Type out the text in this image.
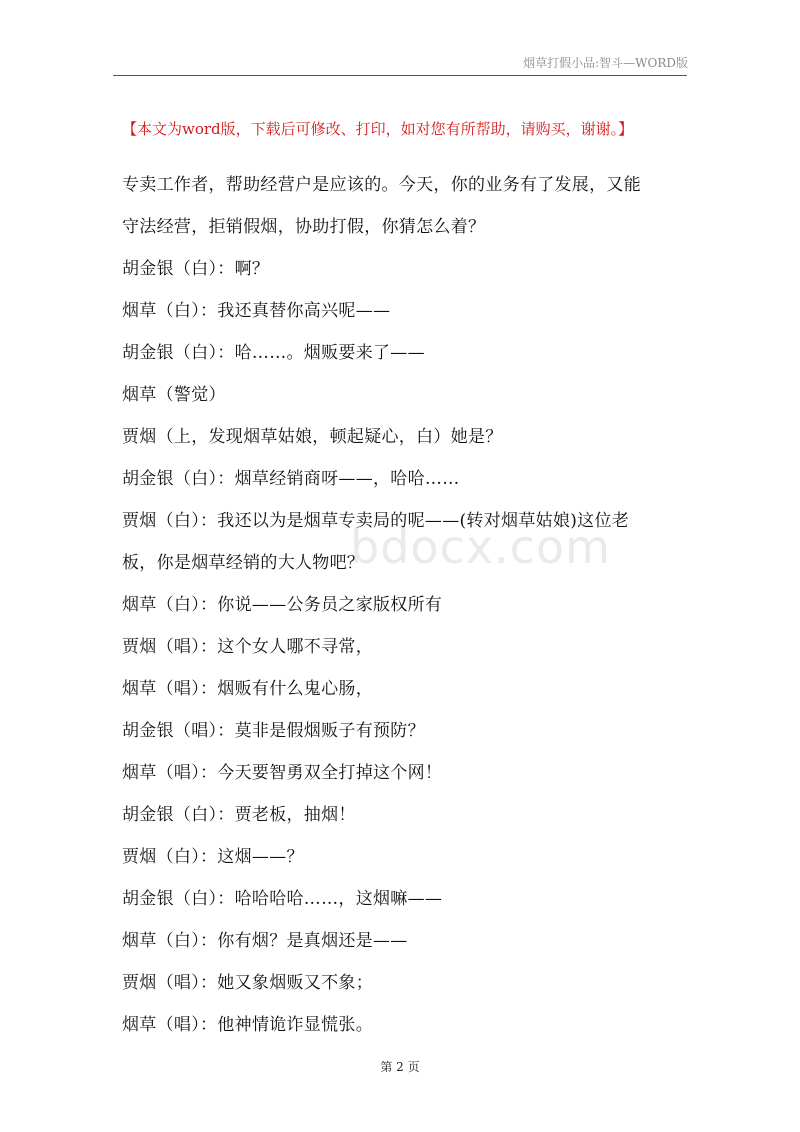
烟草打假小品:智斗—WORD版
【本文为word版，下载后可修改、打印，如对您有所帮助，请购买，谢谢。】
专卖工作者，帮助经营户是应该的。今天，你的业务有了发展，又能
守法经营，拒销假烟，协助打假，你猜怎么着？
胡金银（白）：啊？
烟草（白）：我还真替你高兴呢——
胡金银（白）：哈……。烟贩要来了——
烟草（警觉）
贾烟（上，发现烟草姑娘，顿起疑心，白）她是？
胡金银（白）：烟草经销商呀——，哈哈……
贾烟（白）：我还以为是烟草专卖局的呢——(转对烟草姑娘)这位老
板，你是烟草经销的大人物吧？
烟草（白）：你说——公务员之家版权所有
贾烟（唱）：这个女人哪不寻常，
烟草（唱）：烟贩有什么鬼心肠，
胡金银（唱）：莫非是假烟贩子有预防？
烟草（唱）：今天要智勇双全打掉这个网！
胡金银（白）：贾老板，抽烟！
贾烟（白）：这烟——？
胡金银（白）：哈哈哈哈……，这烟嘛——
烟草（白）：你有烟？是真烟还是——
贾烟（唱）：她又象烟贩又不象；
烟草（唱）：他神情诡诈显慌张。
bdocx.com
第 2 页
